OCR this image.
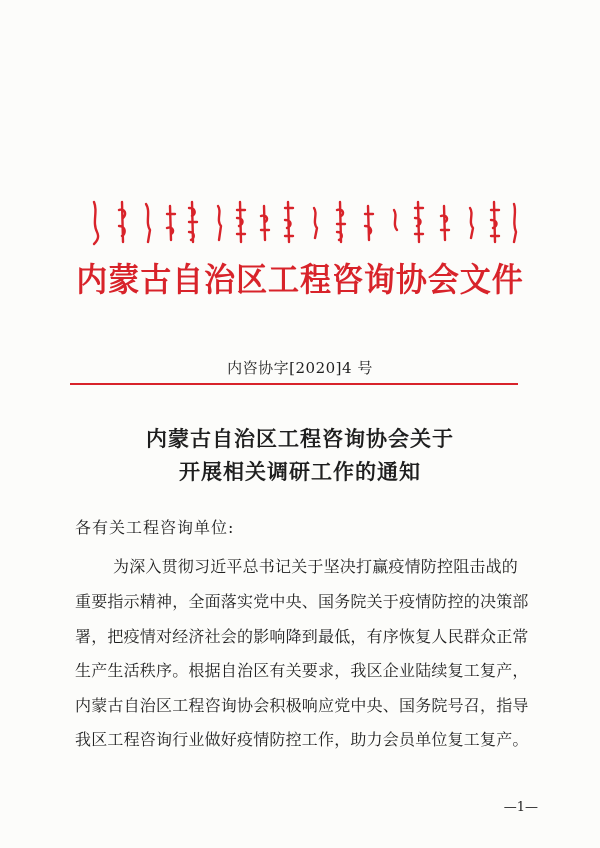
内蒙古自治区工程咨询协会文件
内咨协字[2020]4 号
内蒙古自治区工程咨询协会关于
开展相关调研工作的通知
各有关工程咨询单位:
为深入贯彻习近平总书记关于坚决打赢疫情防控阻击战的
重要指示精神，全面落实党中央、国务院关于疫情防控的决策部
署，把疫情对经济社会的影响降到最低，有序恢复人民群众正常
生产生活秩序。根据自治区有关要求，我区企业陆续复工复产，
内蒙古自治区工程咨询协会积极响应党中央、国务院号召，指导
我区工程咨询行业做好疫情防控工作，助力会员单位复工复产。
—1—
